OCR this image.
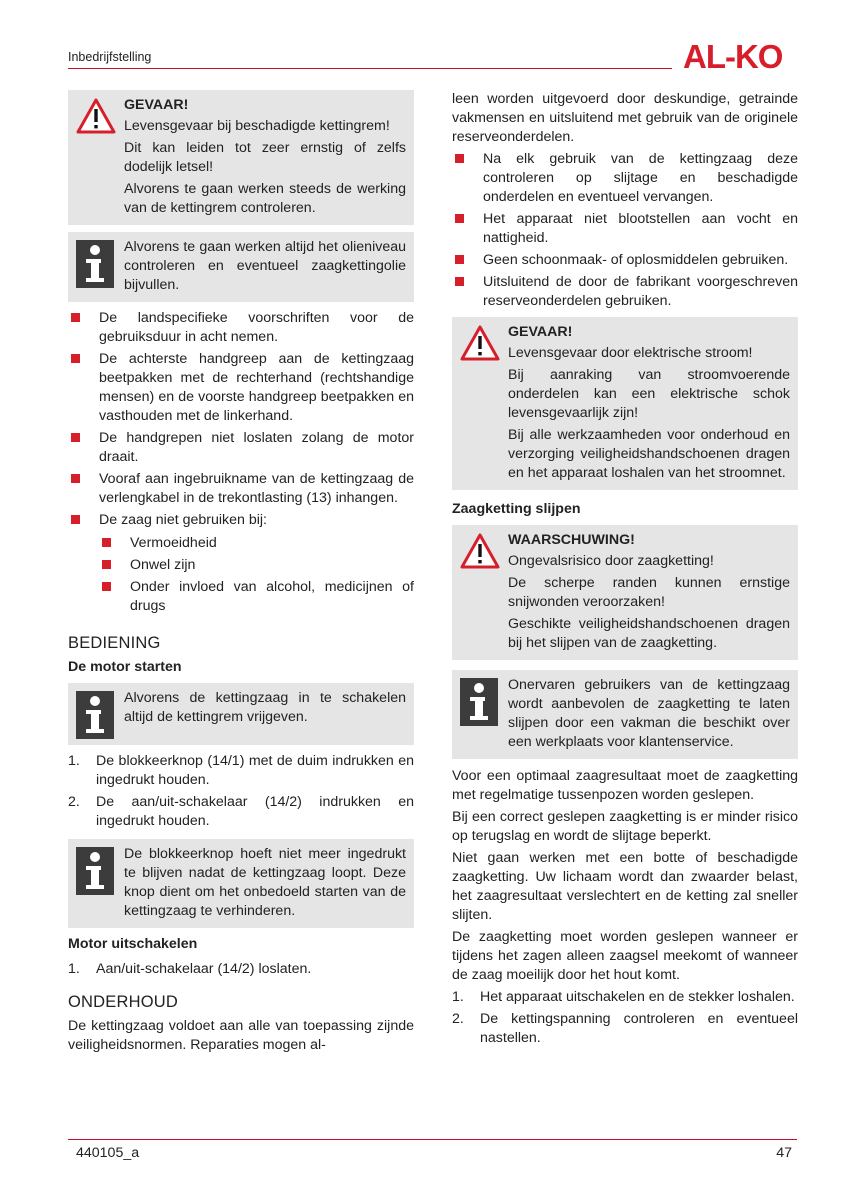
Inbedrijfstelling	AL-KO
GEVAAR!

Levensgevaar bij beschadigde kettingrem!

Dit kan leiden tot zeer ernstig of zelfs dodelijk letsel!

Alvorens te gaan werken steeds de werking van de kettingrem controleren.

Alvorens te gaan werken altijd het olieniveau controleren en eventueel zaagkettingolie bijvullen.

De landspecifieke voorschriften voor de gebruiksduur in acht nemen.
De achterste handgreep aan de kettingzaag beetpakken met de rechterhand (rechtshandige mensen) en de voorste handgreep beetpakken en vasthouden met de linkerhand.
De handgrepen niet loslaten zolang de motor draait.
Vooraf aan ingebruikname van de kettingzaag de verlengkabel in de trekontlasting (13) inhangen.
De zaag niet gebruiken bij:
Vermoeidheid
Onwel zijn
Onder invloed van alcohol, medicijnen of drugs
BEDIENING
De motor starten

Alvorens de kettingzaag in te schakelen altijd de kettingrem vrijgeven.

1. De blokkeerknop (14/1) met de duim indrukken en ingedrukt houden.
2. De aan/uit-schakelaar (14/2) indrukken en ingedrukt houden.

De blokkeerknop hoeft niet meer ingedrukt te blijven nadat de kettingzaag loopt. Deze knop dient om het onbedoeld starten van de kettingzaag te verhinderen.

Motor uitschakelen
1. Aan/uit-schakelaar (14/2) loslaten.
ONDERHOUD

De kettingzaag voldoet aan alle van toepassing zijnde veiligheidsnormen. Reparaties mogen al-

leen worden uitgevoerd door deskundige, getrainde vakmensen en uitsluitend met gebruik van de originele reserveonderdelen.

Na elk gebruik van de kettingzaag deze controleren op slijtage en beschadigde onderdelen en eventueel vervangen.
Het apparaat niet blootstellen aan vocht en nattigheid.
Geen schoonmaak- of oplosmiddelen gebruiken.
Uitsluitend de door de fabrikant voorgeschreven reserveonderdelen gebruiken.
GEVAAR!

Levensgevaar door elektrische stroom!

Bij aanraking van stroomvoerende onderdelen kan een elektrische schok levensgevaarlijk zijn!

Bij alle werkzaamheden voor onderhoud en verzorging veiligheidshandschoenen dragen en het apparaat loshalen van het stroomnet.

Zaagketting slijpen
WAARSCHUWING!

Ongevalsrisico door zaagketting!

De scherpe randen kunnen ernstige snijwonden veroorzaken!

Geschikte veiligheidshandschoenen dragen bij het slijpen van de zaagketting.

Onervaren gebruikers van de kettingzaag wordt aanbevolen de zaagketting te laten slijpen door een vakman die beschikt over een werkplaats voor klantenservice.

Voor een optimaal zaagresultaat moet de zaagketting met regelmatige tussenpozen worden geslepen.

Bij een correct geslepen zaagketting is er minder risico op terugslag en wordt de slijtage beperkt.

Niet gaan werken met een botte of beschadigde zaagketting. Uw lichaam wordt dan zwaarder belast, het zaagresultaat verslechtert en de ketting zal sneller slijten.

De zaagketting moet worden geslepen wanneer er tijdens het zagen alleen zaagsel meekomt of wanneer de zaag moeilijk door het hout komt.

1. Het apparaat uitschakelen en de stekker loshalen.
2. De kettingspanning controleren en eventueel nastellen.
440105_a	47
